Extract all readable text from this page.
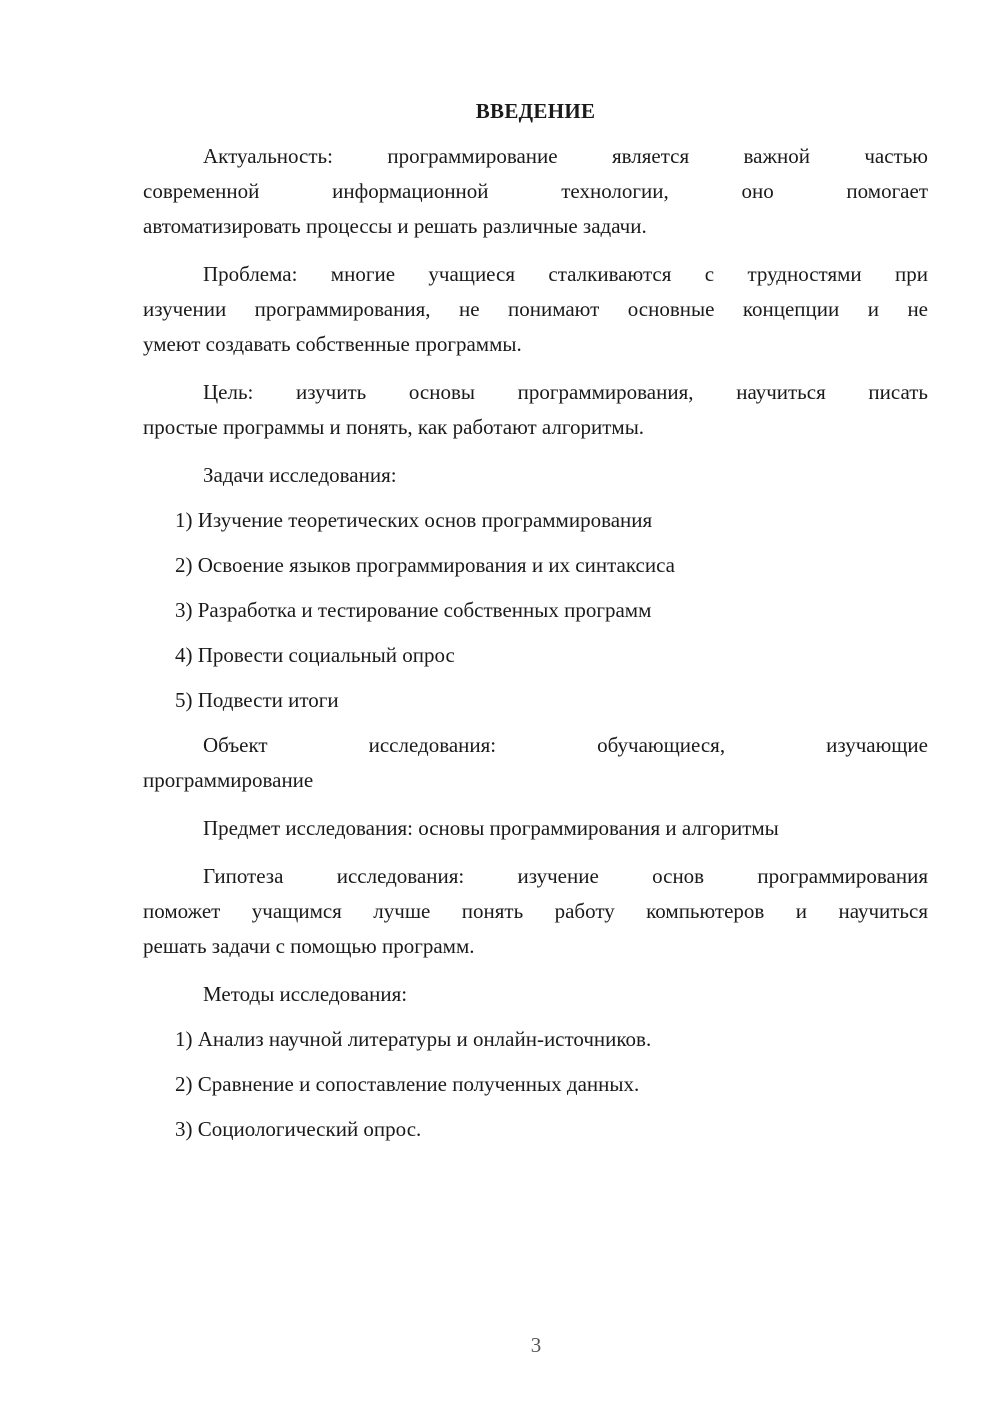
ВВЕДЕНИЕ
Актуальность: программирование является важной частью
современной информационной технологии, оно помогает
автоматизировать процессы и решать различные задачи.
Проблема: многие учащиеся сталкиваются с трудностями при
изучении программирования, не понимают основные концепции и не
умеют создавать собственные программы.
Цель: изучить основы программирования, научиться писать
простые программы и понять, как работают алгоритмы.
Задачи исследования:
1) Изучение теоретических основ программирования
2) Освоение языков программирования и их синтаксиса
3) Разработка и тестирование собственных программ
4) Провести социальный опрос
5) Подвести итоги
Объект исследования: обучающиеся, изучающие
программирование
Предмет исследования: основы программирования и алгоритмы
Гипотеза исследования: изучение основ программирования
поможет учащимся лучше понять работу компьютеров и научиться
решать задачи с помощью программ.
Методы исследования:
1) Анализ научной литературы и онлайн-источников.
2) Сравнение и сопоставление полученных данных.
3) Социологический опрос.
3
